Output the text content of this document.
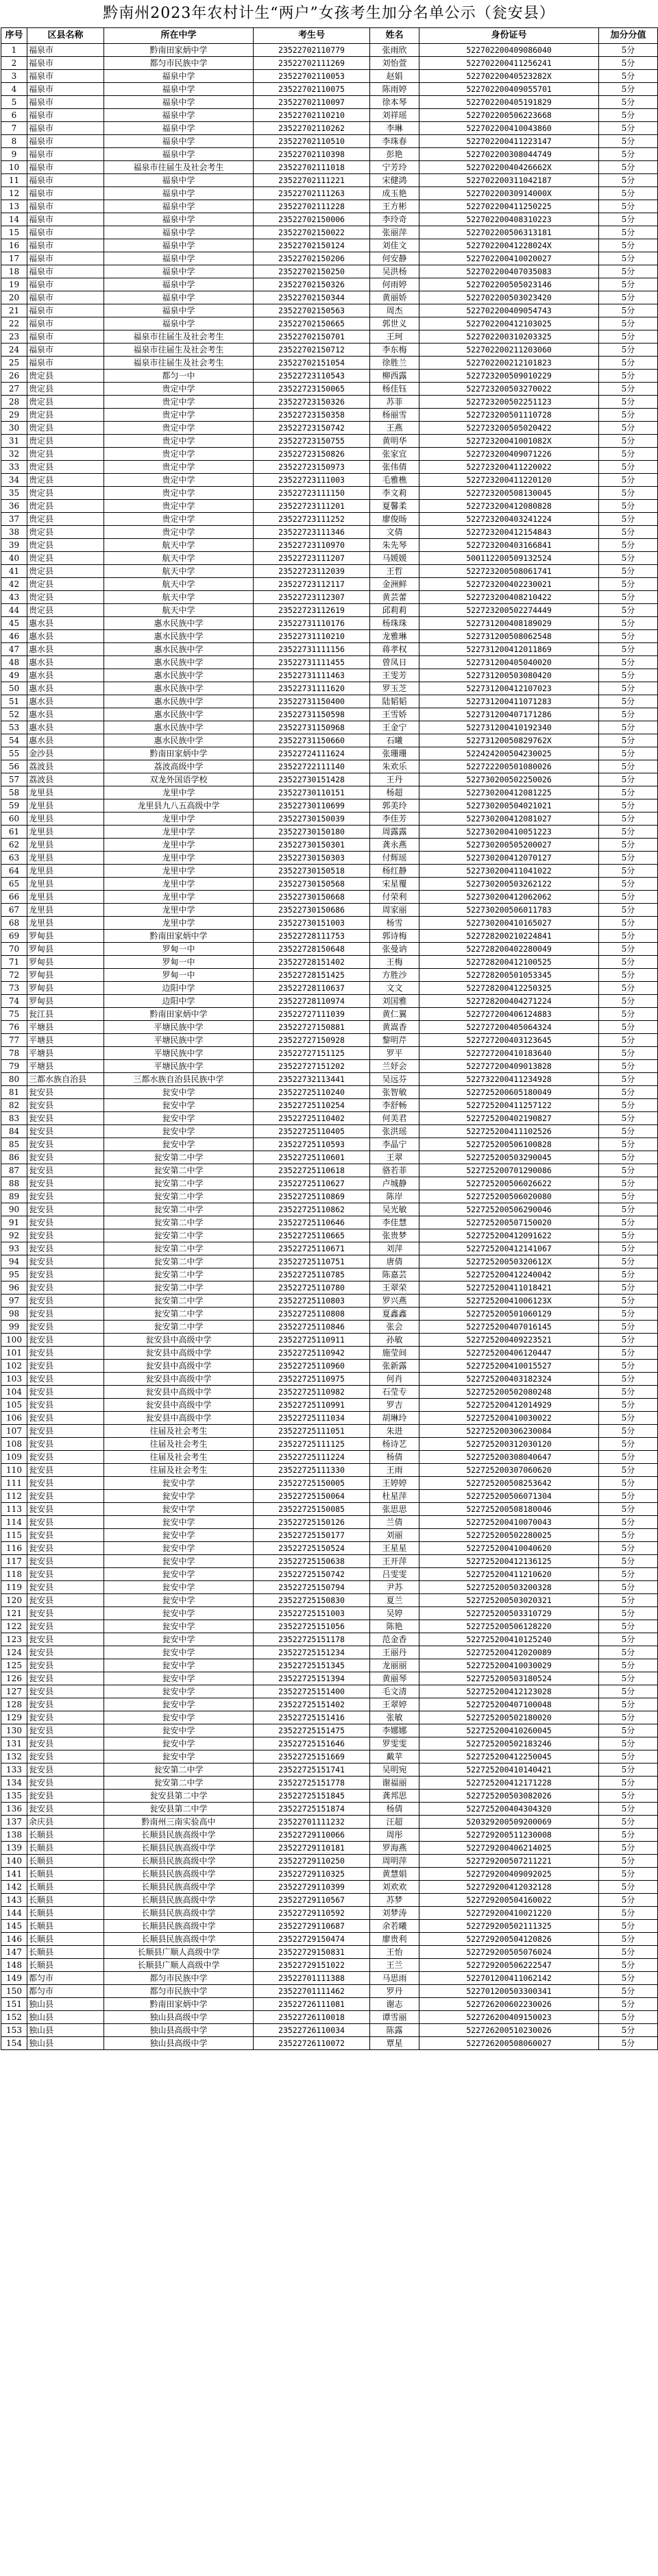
黔南州2023年农村计生“两户”女孩考生加分名单公示（瓮安县）
序号	区县名称	所在中学	考生号	姓名	身份证号	加分分值
1	福泉市	黔南田家炳中学	23522702110779	张雨欣	522702200409086040	5分
2	福泉市	都匀市民族中学	23522702111269	刘怡萱	522702200411256241	5分
3	福泉市	福泉中学	23522702110053	赵娟	52270220040523282X	5分
4	福泉市	福泉中学	23522702110075	陈雨婷	522702200409055701	5分
5	福泉市	福泉中学	23522702110097	徐本琴	522702200405191829	5分
6	福泉市	福泉中学	23522702110210	刘祥瑶	522702200506223668	5分
7	福泉市	福泉中学	23522702110262	李琳	522702200410043860	5分
8	福泉市	福泉中学	23522702110510	李珠春	522702200411223147	5分
9	福泉市	福泉中学	23522702110398	彭艳	522702200308044749	5分
10	福泉市	福泉市往届生及社会考生	23522702111018	宁芳玲	52270220040426662X	5分
11	福泉市	福泉中学	23522702111221	宋健鸿	522702200311042187	5分
12	福泉市	福泉中学	23522702111263	成玉艳	52270220030914000X	5分
13	福泉市	福泉中学	23522702111228	王方彬	522702200411250225	5分
14	福泉市	福泉中学	23522702150006	李玲奇	522702200408310223	5分
15	福泉市	福泉中学	23522702150022	张丽萍	522702200506313181	5分
16	福泉市	福泉中学	23522702150124	刘佳文	52270220041228024X	5分
17	福泉市	福泉中学	23522702150206	何安静	522702200410020027	5分
18	福泉市	福泉中学	23522702150250	吴洪杨	522702200407035083	5分
19	福泉市	福泉中学	23522702150326	何雨婷	522702200505023146	5分
20	福泉市	福泉中学	23522702150344	黄丽娇	522702200503023420	5分
21	福泉市	福泉中学	23522702150563	周杰	522702200409054743	5分
22	福泉市	福泉中学	23522702150665	郭世义	522702200412103025	5分
23	福泉市	福泉市往届生及社会考生	23522702150701	王珂	522702200310203325	5分
24	福泉市	福泉市往届生及社会考生	23522702150712	李东梅	522702200211203060	5分
25	福泉市	福泉市往届生及社会考生	23522702151054	徐胜兰	522702200212101823	5分
26	贵定县	都匀一中	23522723110543	柳西露	522723200509010229	5分
27	贵定县	贵定中学	23522723150065	杨佳钰	522723200503270022	5分
28	贵定县	贵定中学	23522723150326	苏菲	522723200502251123	5分
29	贵定县	贵定中学	23522723150358	杨丽雪	522723200501110728	5分
30	贵定县	贵定中学	23522723150742	王燕	522723200505020422	5分
31	贵定县	贵定中学	23522723150755	黄明华	52272320041001082X	5分
32	贵定县	贵定中学	23522723150826	张家宜	522723200409071226	5分
33	贵定县	贵定中学	23522723150973	张伟倩	522723200411220022	5分
34	贵定县	贵定中学	23522723111003	毛雅樵	522723200411220120	5分
35	贵定县	贵定中学	23522723111150	李文莉	522723200508130045	5分
36	贵定县	贵定中学	23522723111201	夏馨柔	522723200412080828	5分
37	贵定县	贵定中学	23522723111252	廖俊旸	522723200403241224	5分
38	贵定县	贵定中学	23522723111346	文倩	522723200412154843	5分
39	贵定县	航天中学	23522723110970	朱先琴	522723200403166841	5分
40	贵定县	航天中学	23522723111207	马媛媛	500112200509132524	5分
41	贵定县	航天中学	23522723112039	王哲	522723200508061741	5分
42	贵定县	航天中学	23522723112117	金洲鲜	522723200402230021	5分
43	贵定县	航天中学	23522723112307	黄芸蕾	522723200408210422	5分
44	贵定县	航天中学	23522723112619	邱莉莉	522723200502274449	5分
45	惠水县	惠水民族中学	23522731110176	杨珠珠	522731200408189029	5分
46	惠水县	惠水民族中学	23522731110210	龙雅琳	522731200508062548	5分
47	惠水县	惠水民族中学	23522731111156	蒋孝权	522731200412011869	5分
48	惠水县	惠水民族中学	23522731111455	曾凤日	522731200405040020	5分
49	惠水县	惠水民族中学	23522731111463	王雯芳	522731200503080420	5分
50	惠水县	惠水民族中学	23522731111620	罗玉芝	522731200412107023	5分
51	惠水县	惠水民族中学	23522731150400	陆韬韬	522731200411071283	5分
52	惠水县	惠水民族中学	23522731150598	王雪娇	522731200407171286	5分
53	惠水县	惠水民族中学	23522731150968	王金宁	522731200410192340	5分
54	惠水县	惠水民族中学	23522731150660	石曦	52273120050829762X	5分
55	金沙县	黔南田家炳中学	23522724111624	张珊珊	522424200504230025	5分
56	荔波县	荔波高级中学	23522722111140	朱欢乐	522722200501080026	5分
57	荔波县	双龙外国语学校	23522730151428	王丹	522730200502250026	5分
58	龙里县	龙里中学	23522730110151	杨超	522730200412081225	5分
59	龙里县	龙里县九八五高级中学	23522730110699	郭美玲	522730200504021021	5分
60	龙里县	龙里中学	23522730150039	李佳芳	522730200412081027	5分
61	龙里县	龙里中学	23522730150180	周露露	522730200410051223	5分
62	龙里县	龙里中学	23522730150301	龚永燕	522730200505200027	5分
63	龙里县	龙里中学	23522730150303	付辉瑶	522730200412070127	5分
64	龙里县	龙里中学	23522730150518	杨红静	522730200411041022	5分
65	龙里县	龙里中学	23522730150568	宋星覆	522730200503262122	5分
66	龙里县	龙里中学	23522730150668	付荣利	522730200412062062	5分
67	龙里县	龙里中学	23522730150686	周家丽	522730200506011783	5分
68	龙里县	龙里中学	23522730151003	杨雪	522730200410165027	5分
69	罗甸县	黔南田家炳中学	23522728111753	郭诗梅	522728200210224841	5分
70	罗甸县	罗甸一中	23522728150648	张曼讷	522728200402280049	5分
71	罗甸县	罗甸一中	23522728151402	王梅	522728200412100525	5分
72	罗甸县	罗甸一中	23522728151425	方胜沙	522728200501053345	5分
73	罗甸县	边阳中学	23522728110637	文文	522728200412250325	5分
74	罗甸县	边阳中学	23522728110974	刘国雅	522728200404271224	5分
75	瓮江县	黔南田家炳中学	23522727111039	黄仁翼	522727200406124883	5分
76	平塘县	平塘民族中学	23522727150881	黄嵩香	522727200405064324	5分
77	平塘县	平塘民族中学	23522727150928	黎明芹	522727200403123645	5分
78	平塘县	平塘民族中学	23522727151125	罗平	522727200410183640	5分
79	平塘县	平塘民族中学	23522727151202	兰妤会	522727200409013828	5分
80	三都水族自治县	三都水族自治县民族中学	23522732113441	吴远芬	522732200411234928	5分
81	瓮安县	瓮安中学	23522725110240	张智敏	522725200605180049	5分
82	瓮安县	瓮安中学	23522725110254	李舒畅	522725200411257122	5分
83	瓮安县	瓮安中学	23522725110402	何美君	522725200402190827	5分
84	瓮安县	瓮安中学	23522725110405	张洪瑶	522725200411102526	5分
85	瓮安县	瓮安中学	23522725110593	李晶宁	522725200506100828	5分
86	瓮安县	瓮安第二中学	23522725110601	王翠	522725200503290045	5分
87	瓮安县	瓮安第二中学	23522725110618	骆若菲	522725200701290086	5分
88	瓮安县	瓮安第二中学	23522725110627	卢城静	522725200506026622	5分
89	瓮安县	瓮安第二中学	23522725110869	陈岸	522725200506020080	5分
90	瓮安县	瓮安第二中学	23522725110862	吴光敏	522725200506290046	5分
91	瓮安县	瓮安第二中学	23522725110646	李佳慧	522725200507150020	5分
92	瓮安县	瓮安第二中学	23522725110665	张贵梦	522725200412091622	5分
93	瓮安县	瓮安第二中学	23522725110671	刘萍	522725200412141067	5分
94	瓮安县	瓮安第二中学	23522725110751	唐倩	52272520050320612X	5分
95	瓮安县	瓮安第二中学	23522725110785	陈嘉芸	522725200412240042	5分
96	瓮安县	瓮安第二中学	23522725110780	王翠荣	522725200411018421	5分
97	瓮安县	瓮安第二中学	23522725110803	罗兴燕	52272520041006123X	5分
98	瓮安县	瓮安第二中学	23522725110808	夏鑫鑫	522725200501060129	5分
99	瓮安县	瓮安第二中学	23522725110846	张会	522725200407016145	5分
100	瓮安县	瓮安县中高级中学	23522725110911	孙敏	522725200409223521	5分
101	瓮安县	瓮安县中高级中学	23522725110942	施莹间	522725200406120447	5分
102	瓮安县	瓮安县中高级中学	23522725110960	张新露	522725200410015527	5分
103	瓮安县	瓮安县中高级中学	23522725110975	何肖	522725200403182324	5分
104	瓮安县	瓮安县中高级中学	23522725110982	石莹专	522725200502080248	5分
105	瓮安县	瓮安县中高级中学	23522725110991	罗吉	522725200412014929	5分
106	瓮安县	瓮安县中高级中学	23522725111034	胡琳玲	522725200410030022	5分
107	瓮安县	往届及社会考生	23522725111051	朱进	522725200306230084	5分
108	瓮安县	往届及社会考生	23522725111125	杨诗艺	522725200312030120	5分
109	瓮安县	往届及社会考生	23522725111224	杨倩	522725200308040647	5分
110	瓮安县	往届及社会考生	23522725111330	王雨	522725200307060620	5分
111	瓮安县	瓮安中学	23522725150005	王婷婷	522725200508253642	5分
112	瓮安县	瓮安中学	23522725150064	杜星萍	522725200506071304	5分
113	瓮安县	瓮安中学	23522725150085	张思思	522725200508180046	5分
114	瓮安县	瓮安中学	23522725150126	兰倩	522725200410070043	5分
115	瓮安县	瓮安中学	23522725150177	刘丽	522725200502280025	5分
116	瓮安县	瓮安中学	23522725150524	王星星	522725200410040620	5分
117	瓮安县	瓮安中学	23522725150638	王开萍	522725200412136125	5分
118	瓮安县	瓮安中学	23522725150742	吕雯雯	522725200411210620	5分
119	瓮安县	瓮安中学	23522725150794	尹苏	522725200503200328	5分
120	瓮安县	瓮安中学	23522725150830	夏兰	522725200503020321	5分
121	瓮安县	瓮安中学	23522725151003	吴婷	522725200503310729	5分
122	瓮安县	瓮安中学	23522725151056	陈艳	522725200506128220	5分
123	瓮安县	瓮安中学	23522725151178	范金香	522725200410125240	5分
124	瓮安县	瓮安中学	23522725151234	王丽丹	522725200412020089	5分
125	瓮安县	瓮安中学	23522725151345	龙丽丽	522725200410030029	5分
126	瓮安县	瓮安中学	23522725151394	黄丽琴	522725200503180524	5分
127	瓮安县	瓮安中学	23522725151400	毛文清	522725200412123028	5分
128	瓮安县	瓮安中学	23522725151402	王翠婷	522725200407100048	5分
129	瓮安县	瓮安中学	23522725151416	张敏	522725200502180020	5分
130	瓮安县	瓮安中学	23522725151475	李娜娜	522725200410260045	5分
131	瓮安县	瓮安中学	23522725151646	罗雯雯	522725200502183246	5分
132	瓮安县	瓮安中学	23522725151669	戴苹	522725200412250045	5分
133	瓮安县	瓮安第二中学	23522725151741	吴明宛	522725200410140421	5分
134	瓮安县	瓮安第二中学	23522725151778	谢福丽	522725200412171228	5分
135	瓮安县	瓮安县第二中学	23522725151845	龚邦思	522725200503082026	5分
136	瓮安县	瓮安县第二中学	23522725151874	杨倩	522725200404304320	5分
137	余庆县	黔南州三南实验高中	23522701111232	汪超	520329200509200069	5分
138	长顺县	长顺县民族高级中学	23522729110066	周彤	522729200511230008	5分
139	长顺县	长顺县民族高级中学	23522729110181	罗海燕	522729200406214025	5分
140	长顺县	长顺县民族高级中学	23522729110250	周明萍	522729200507211221	5分
141	长顺县	长顺县民族高级中学	23522729110325	黄慧娟	522729200409092025	5分
142	长顺县	长顺县民族高级中学	23522729110399	刘欢欢	522729200412032128	5分
143	长顺县	长顺县民族高级中学	23522729110567	苏梦	522729200504160022	5分
144	长顺县	长顺县民族高级中学	23522729110592	刘梦涛	522729200410021220	5分
145	长顺县	长顺县民族高级中学	23522729110687	余若曦	522729200502111325	5分
146	长顺县	长顺县民族高级中学	23522729150474	廖贵利	522729200504120826	5分
147	长顺县	长顺县广顺人高级中学	23522729150831	王怡	522729200505076024	5分
148	长顺县	长顺县广顺人高级中学	23522729151022	王兰	522729200506222547	5分
149	都匀市	都匀市民族中学	23522701111388	马思雨	522701200411062142	5分
150	都匀市	都匀市民族中学	23522701111462	罗丹	522701200503300341	5分
151	独山县	黔南田家炳中学	23522726111081	谢志	522726200602230026	5分
152	独山县	独山县高级中学	23522726110018	谭雪丽	522726200409150023	5分
153	独山县	独山县高级中学	23522726110034	陈露	522726200510230026	5分
154	独山县	独山县高级中学	23522726110072	覃星	522726200508060027	5分
